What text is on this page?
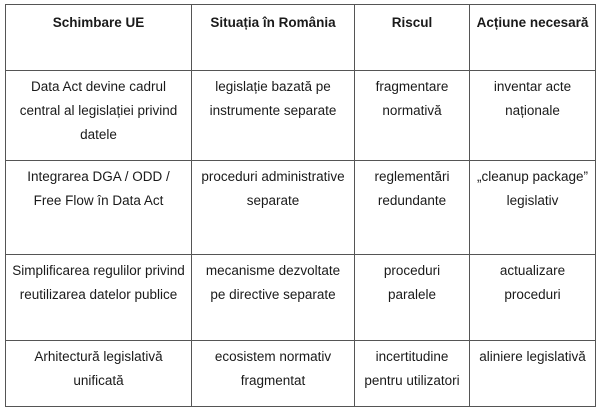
Schimbare UE	Situația în România	Riscul	Acțiune necesară
Data Act devine cadrul central al legislației privind datele	legislație bazată pe instrumente separate	fragmentare normativă	inventar acte naționale
Integrarea DGA / ODD / Free Flow în Data Act	proceduri administrative separate	reglementări redundante	„cleanup package” legislativ
Simplificarea regulilor privind reutilizarea datelor publice	mecanisme dezvoltate pe directive separate	proceduri paralele	actualizare proceduri
Arhitectură legislativă unificată	ecosistem normativ fragmentat	incertitudine pentru utilizatori	aliniere legislativă
